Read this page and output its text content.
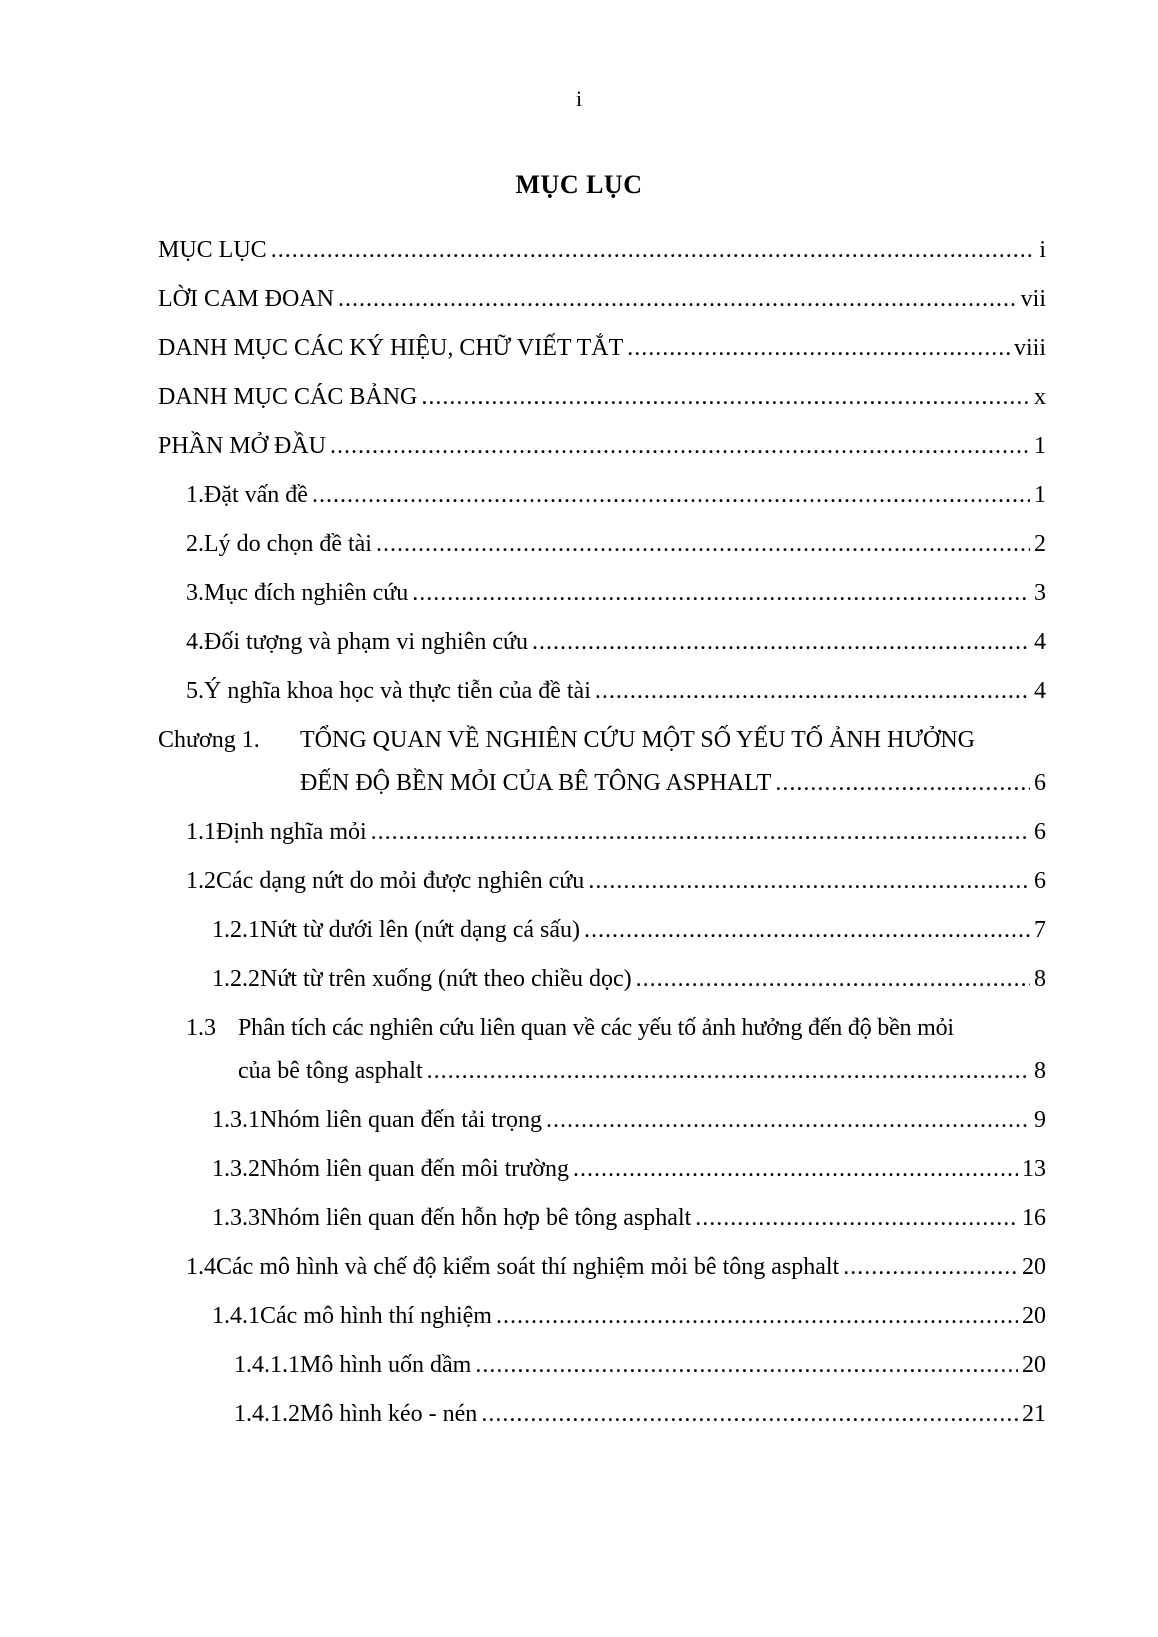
i
MỤC LỤC
MỤC LỤC .....	i
LỜI CAM ĐOAN .....	vii
DANH MỤC CÁC KÝ HIỆU, CHỮ VIẾT TẮT .....	viii
DANH MỤC CÁC BẢNG .....	x
PHẦN MỞ ĐẦU .....	1
1. Đặt vấn đề .....	1
2. Lý do chọn đề tài .....	2
3. Mục đích nghiên cứu .....	3
4. Đối tượng và phạm vi nghiên cứu .....	4
5. Ý nghĩa khoa học và thực tiễn của đề tài .....	4
Chương 1.	TỔNG QUAN VỀ NGHIÊN CỨU MỘT SỐ YẾU TỐ ẢNH HƯỞNG
ĐẾN ĐỘ BỀN MỎI CỦA BÊ TÔNG ASPHALT .....	6
1.1 Định nghĩa mỏi .....	6
1.2 Các dạng nứt do mỏi được nghiên cứu .....	6
1.2.1 Nứt từ dưới lên (nứt dạng cá sấu) .....	7
1.2.2 Nứt từ trên xuống (nứt theo chiều dọc) .....	8
1.3 Phân tích các nghiên cứu liên quan về các yếu tố ảnh hưởng đến độ bền mỏi
của bê tông asphalt .....	8
1.3.1 Nhóm liên quan đến tải trọng .....	9
1.3.2 Nhóm liên quan đến môi trường .....	13
1.3.3 Nhóm liên quan đến hỗn hợp bê tông asphalt .....	16
1.4 Các mô hình và chế độ kiểm soát thí nghiệm mỏi bê tông asphalt .....	20
1.4.1 Các mô hình thí nghiệm .....	20
1.4.1.1 Mô hình uốn dầm .....	20
1.4.1.2 Mô hình kéo - nén .....	21
